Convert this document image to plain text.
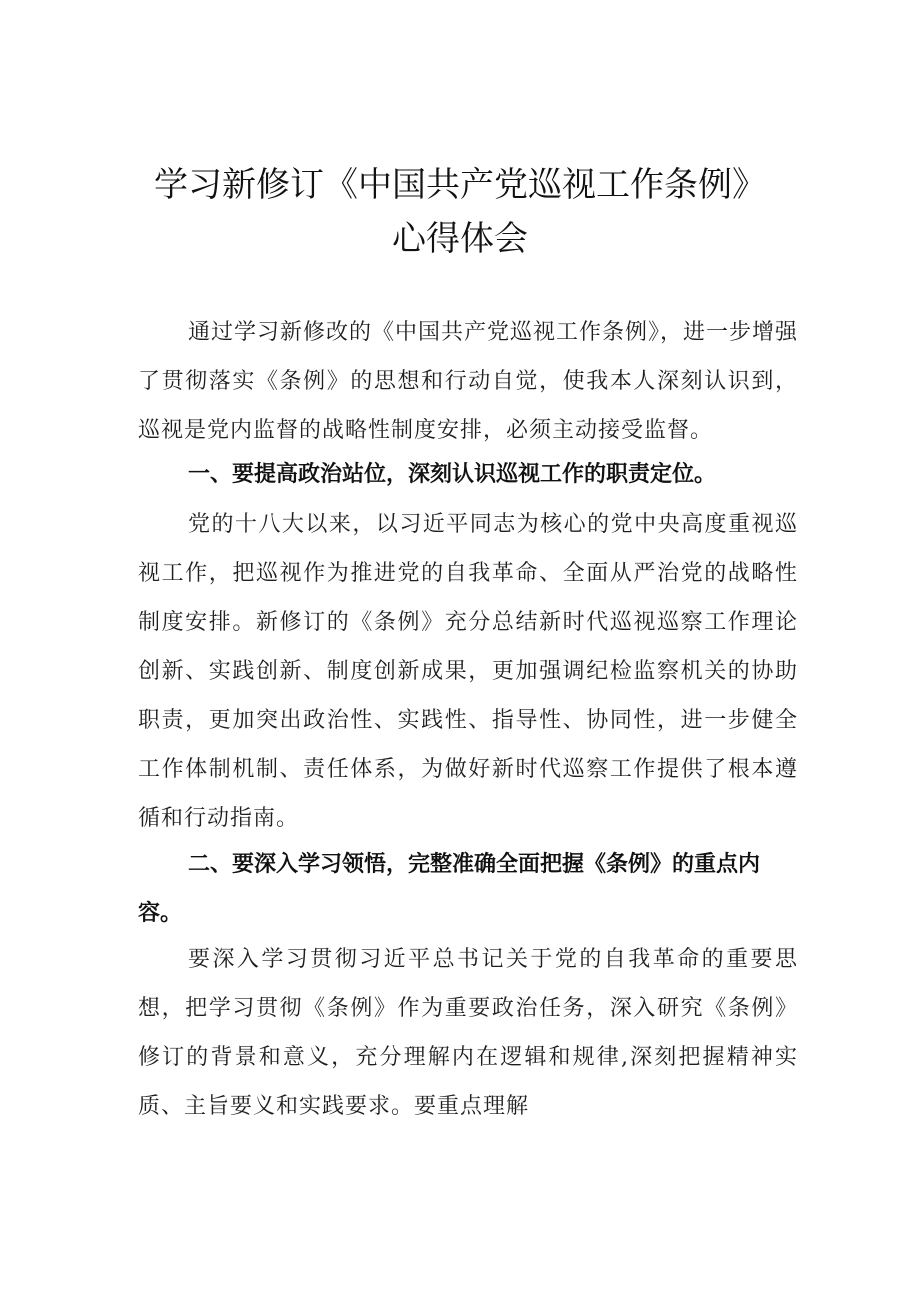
学习新修订《中国共产党巡视工作条例》
心得体会

通过学习新修改的《中国共产党巡视工作条例》，进一步增强了贯彻落实《条例》的思想和行动自觉，使我本人深刻认识到，巡视是党内监督的战略性制度安排，必须主动接受监督。

一、要提高政治站位，深刻认识巡视工作的职责定位。

党的十八大以来，以习近平同志为核心的党中央高度重视巡视工作，把巡视作为推进党的自我革命、全面从严治党的战略性制度安排。新修订的《条例》充分总结新时代巡视巡察工作理论创新、实践创新、制度创新成果，更加强调纪检监察机关的协助职责，更加突出政治性、实践性、指导性、协同性，进一步健全工作体制机制、责任体系，为做好新时代巡察工作提供了根本遵循和行动指南。

二、要深入学习领悟，完整准确全面把握《条例》的重点内容。

要深入学习贯彻习近平总书记关于党的自我革命的重要思想，把学习贯彻《条例》作为重要政治任务，深入研究《条例》修订的背景和意义，充分理解内在逻辑和规律,深刻把握精神实质、主旨要义和实践要求。要重点理解
